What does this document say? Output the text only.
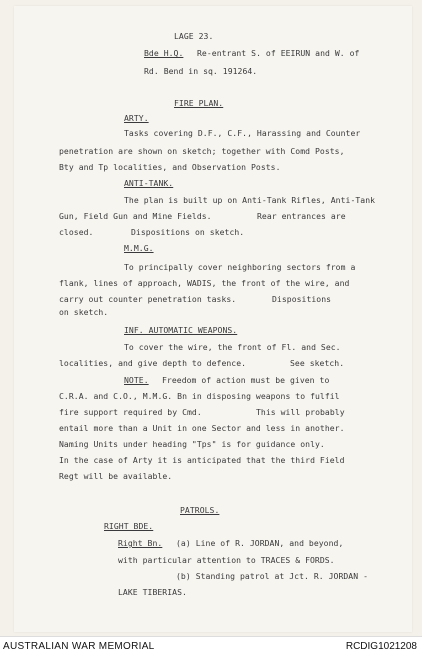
LAGE 23.
Bde H.Q. Re-entrant S. of EEIRUN and W. of
Rd. Bend in sq. 191264.
FIRE PLAN.
ARTY.
Tasks covering D.F., C.F., Harassing and Counter
penetration are shown on sketch; together with Comd Posts,
Bty and Tp localities, and Observation Posts.
ANTI-TANK.
The plan is built up on Anti-Tank Rifles, Anti-Tank
Gun, Field Gun and Mine Fields.	Rear entrances are
closed.	Dispositions on sketch.
M.M.G.
To principally cover neighboring sectors from a
flank, lines of approach, WADIS, the front of the wire, and
carry out counter penetration tasks.	Dispositions
on sketch.
INF. AUTOMATIC WEAPONS.
To cover the wire, the front of Fl. and Sec.
localities, and give depth to defence.	See sketch.
NOTE. Freedom of action must be given to
C.R.A. and C.O., M.M.G. Bn in disposing weapons to fulfil
fire support required by Cmd.	This will probably
entail more than a Unit in one Sector and less in another.
Naming Units under heading "Tps" is for guidance only.
In the case of Arty it is anticipated that the third Field
Regt will be available.
PATROLS.
RIGHT BDE.
Right Bn. (a) Line of R. JORDAN, and beyond,
with particular attention to TRACES & FORDS.
(b) Standing patrol at Jct. R. JORDAN -
LAKE TIBERIAS.
AUSTRALIAN WAR MEMORIAL	RCDIG1021208
